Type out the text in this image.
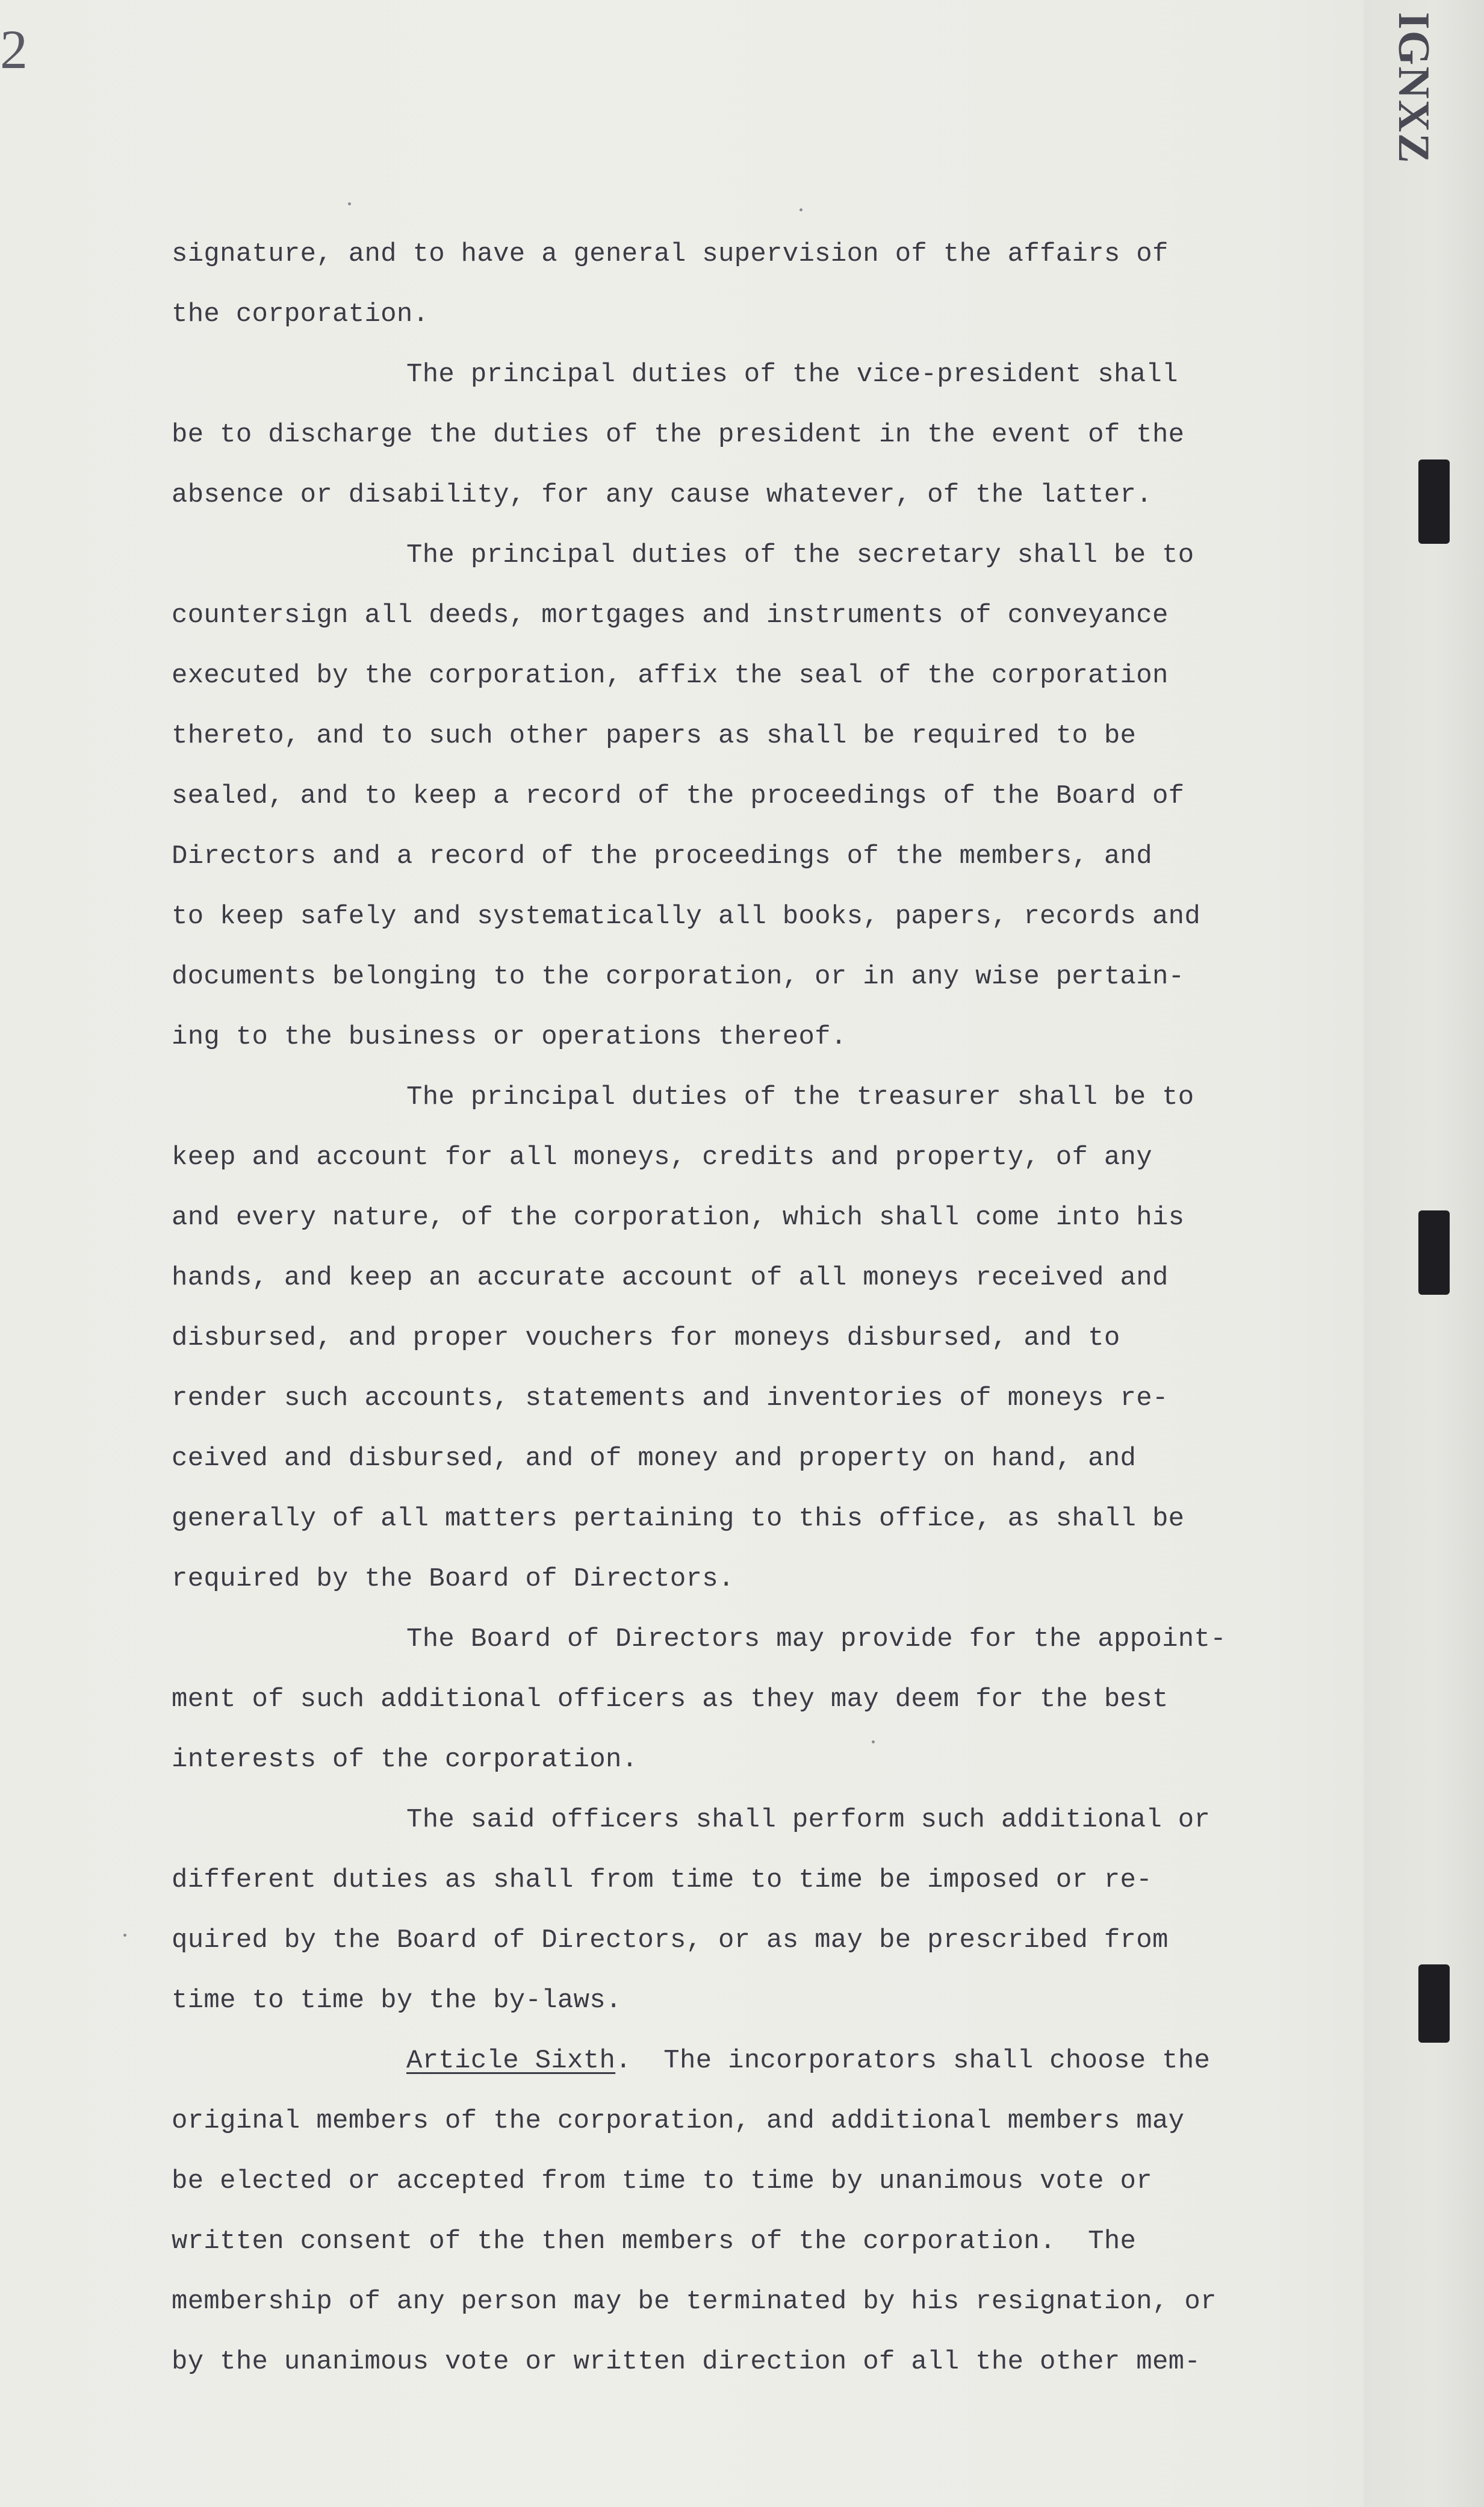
2	IGNXZ
signature, and to have a general supervision of the affairs of
the corporation.
The principal duties of the vice-president shall
be to discharge the duties of the president in the event of the
absence or disability, for any cause whatever, of the latter.
The principal duties of the secretary shall be to
countersign all deeds, mortgages and instruments of conveyance
executed by the corporation, affix the seal of the corporation
thereto, and to such other papers as shall be required to be
sealed, and to keep a record of the proceedings of the Board of
Directors and a record of the proceedings of the members, and
to keep safely and systematically all books, papers, records and
documents belonging to the corporation, or in any wise pertain-
ing to the business or operations thereof.
The principal duties of the treasurer shall be to
keep and account for all moneys, credits and property, of any
and every nature, of the corporation, which shall come into his
hands, and keep an accurate account of all moneys received and
disbursed, and proper vouchers for moneys disbursed, and to
render such accounts, statements and inventories of moneys re-
ceived and disbursed, and of money and property on hand, and
generally of all matters pertaining to this office, as shall be
required by the Board of Directors.
The Board of Directors may provide for the appoint-
ment of such additional officers as they may deem for the best
interests of the corporation.
The said officers shall perform such additional or
different duties as shall from time to time be imposed or re-
quired by the Board of Directors, or as may be prescribed from
time to time by the by-laws.
Article Sixth. The incorporators shall choose the
original members of the corporation, and additional members may
be elected or accepted from time to time by unanimous vote or
written consent of the then members of the corporation.  The
membership of any person may be terminated by his resignation, or
by the unanimous vote or written direction of all the other mem-
